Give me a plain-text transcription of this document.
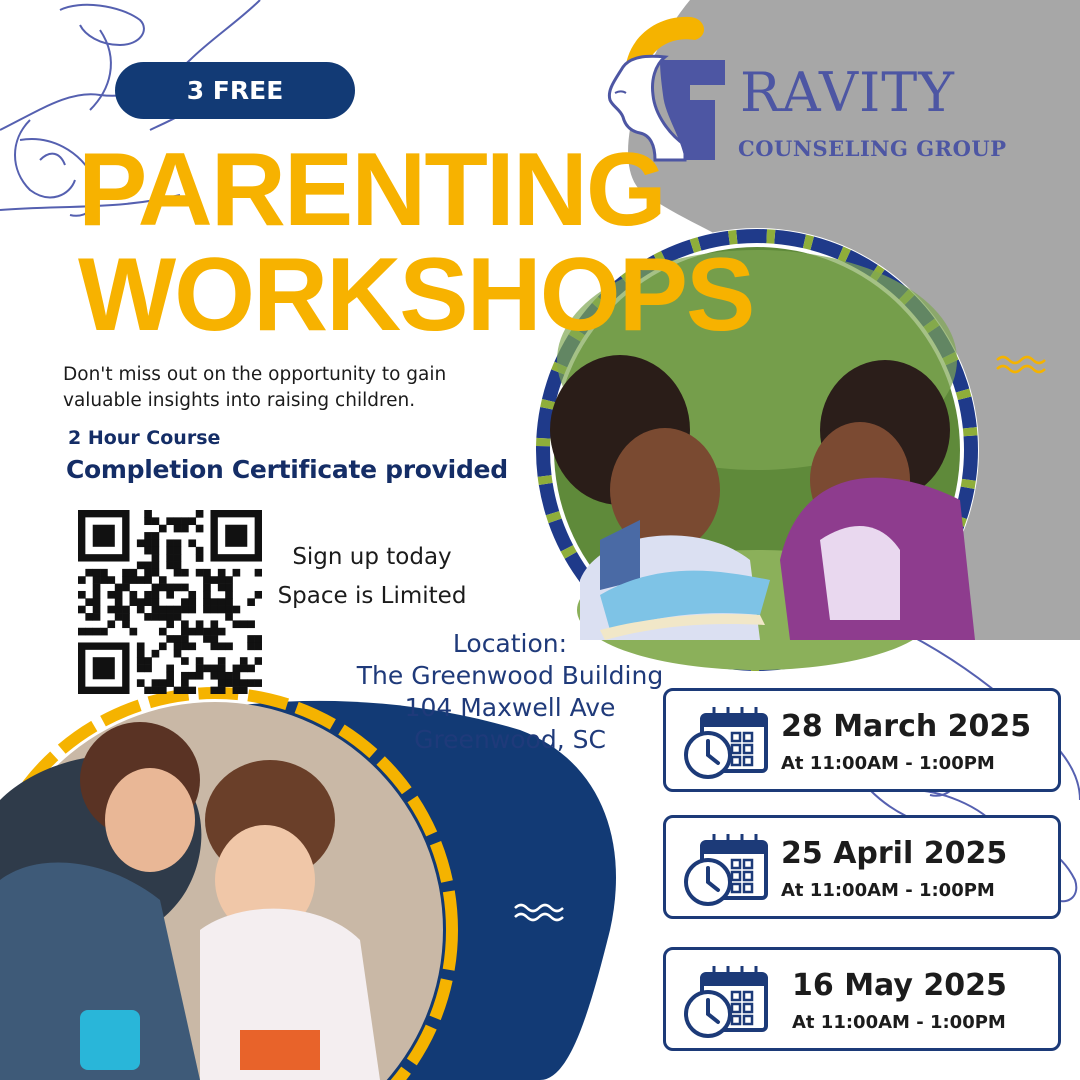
RAVITY
COUNSELING GROUP
3 FREE
PARENTING
WORKSHOPS
Don't miss out on the opportunity to gain valuable insights into raising children.
2 Hour Course
Completion Certificate provided
Sign up today
Space is Limited
Location:
The Greenwood Building
104 Maxwell Ave
Greenwood, SC	28 March 2025
At 11:00AM - 1:00PM
25 April 2025
At 11:00AM - 1:00PM
16 May 2025
At 11:00AM - 1:00PM
